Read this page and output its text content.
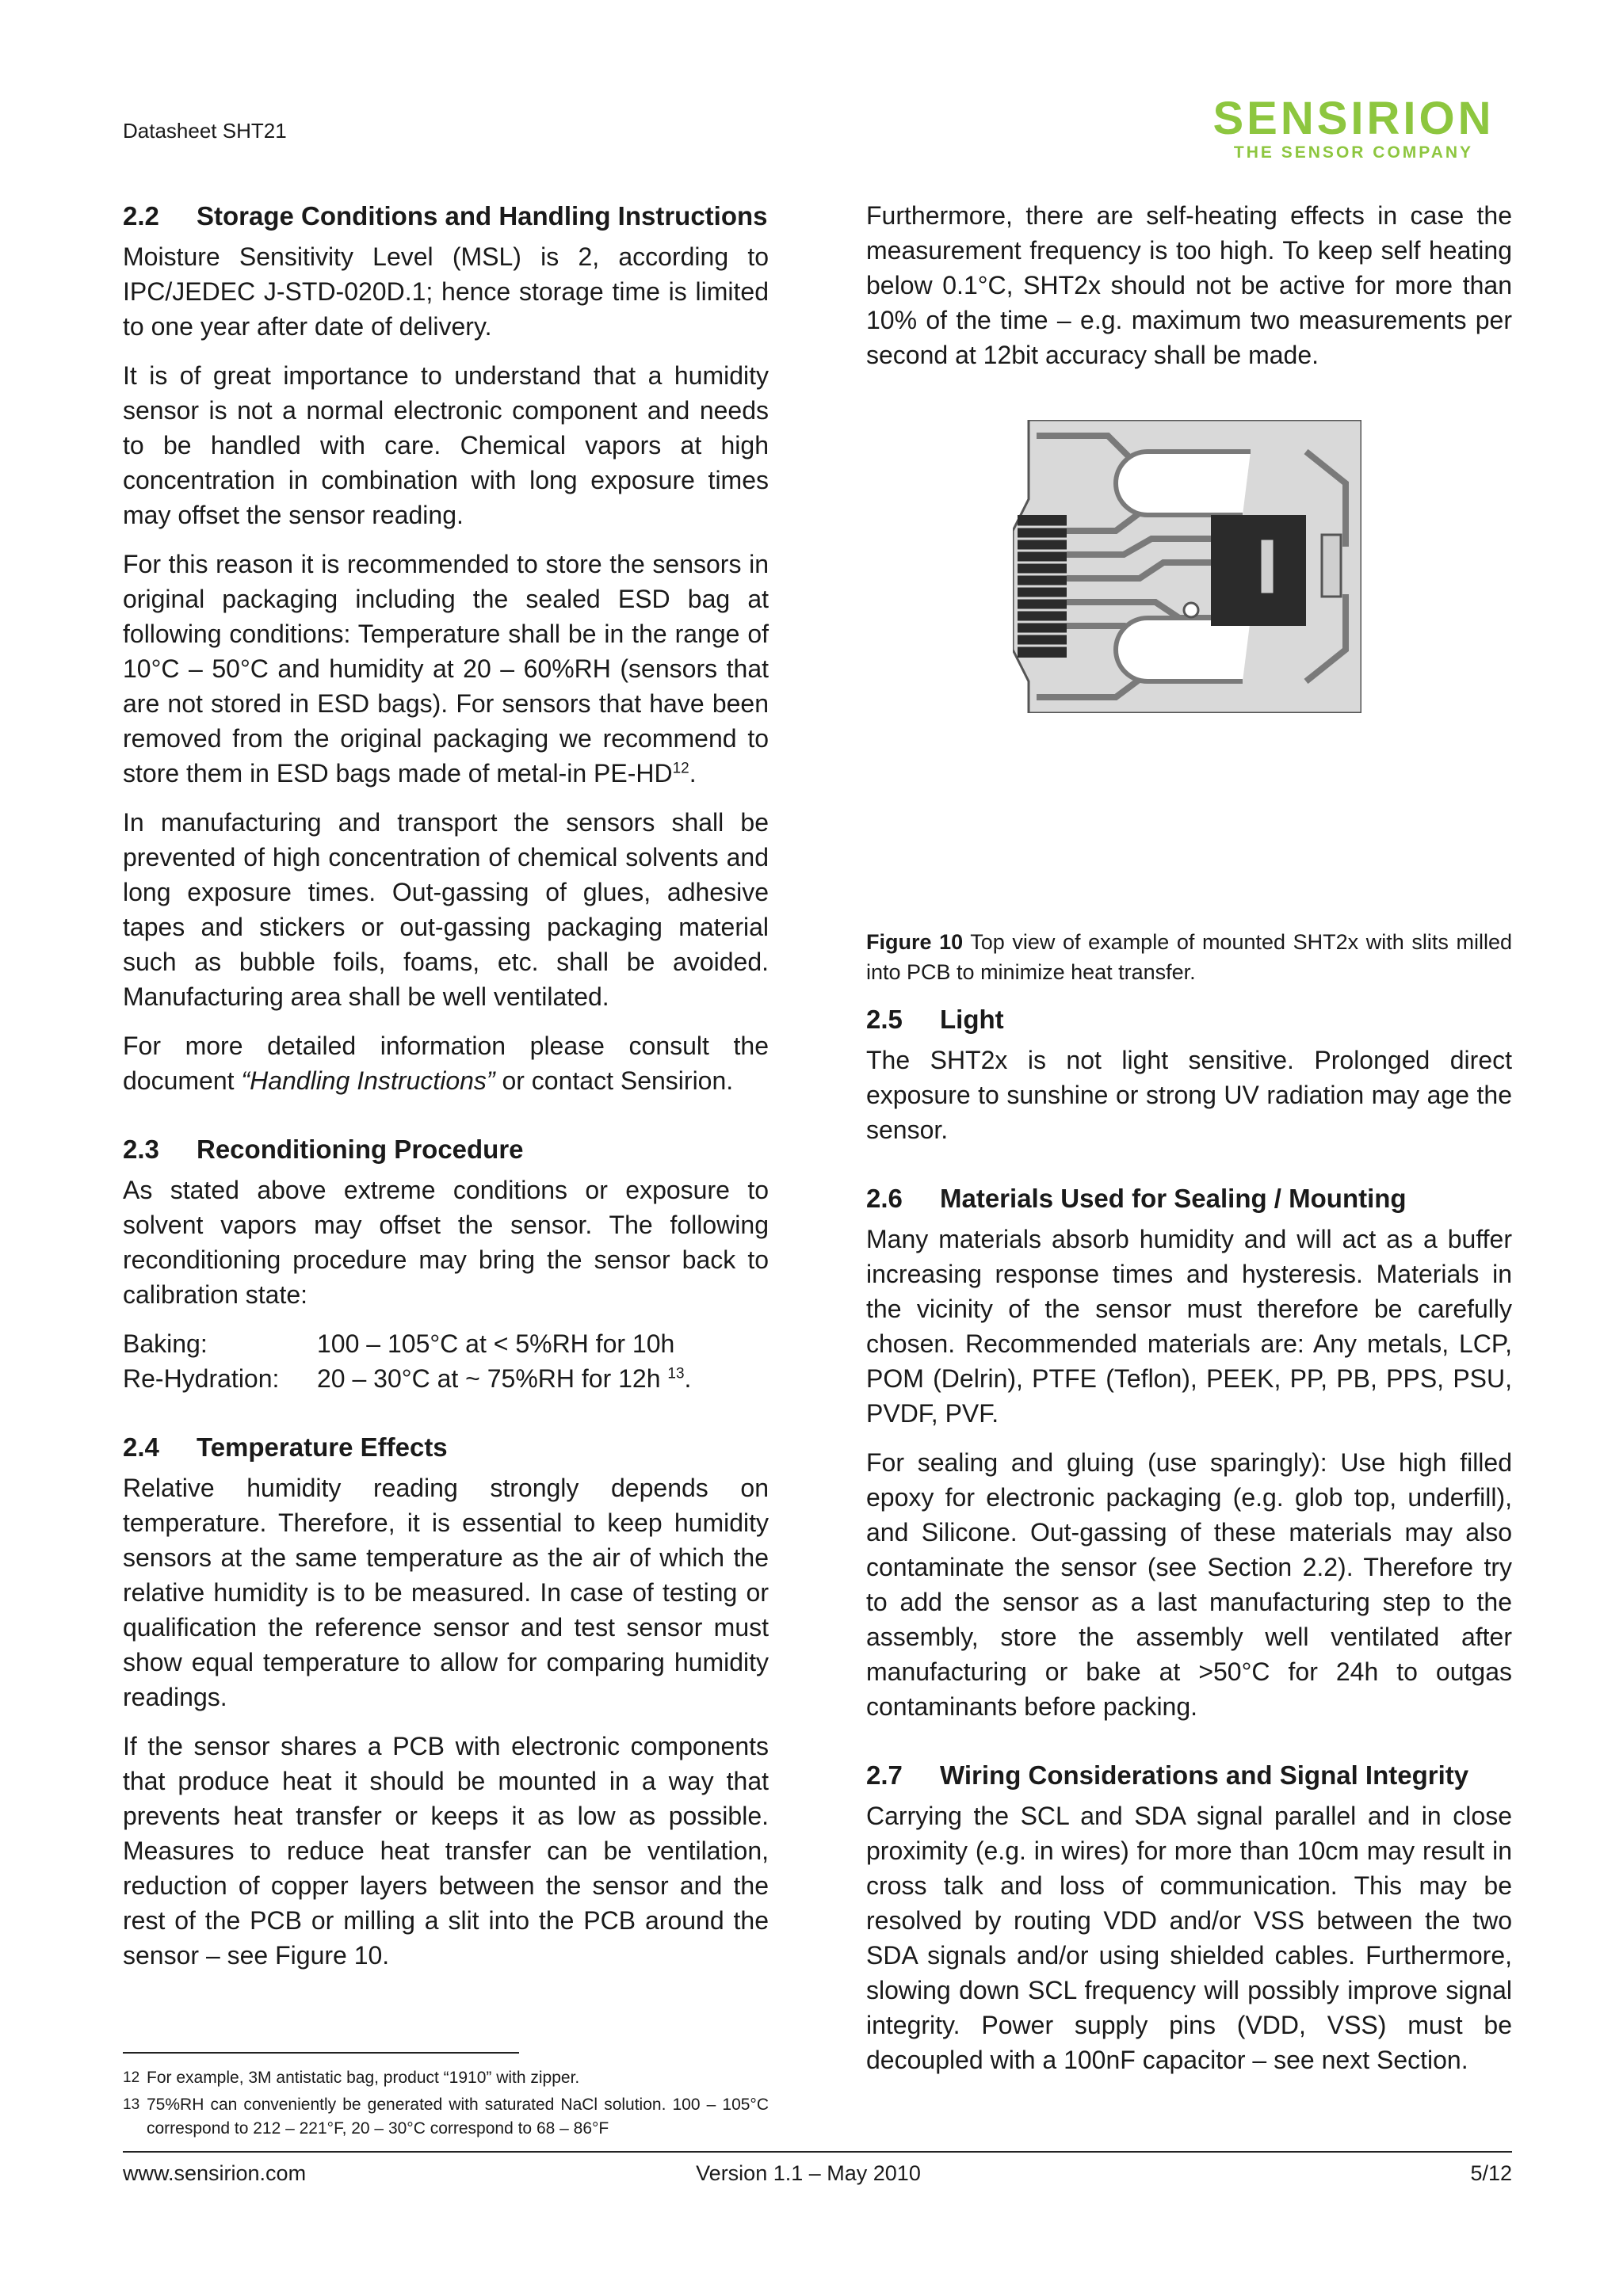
Datasheet SHT21	SENSIRION
THE SENSOR COMPANY
2.2 Storage Conditions and Handling Instructions

Moisture Sensitivity Level (MSL) is 2, according to IPC/JEDEC J-STD-020D.1; hence storage time is limited to one year after date of delivery.

It is of great importance to understand that a humidity sensor is not a normal electronic component and needs to be handled with care. Chemical vapors at high concentration in combination with long exposure times may offset the sensor reading.

For this reason it is recommended to store the sensors in original packaging including the sealed ESD bag at following conditions: Temperature shall be in the range of 10°C – 50°C and humidity at 20 – 60%RH (sensors that are not stored in ESD bags). For sensors that have been removed from the original packaging we recommend to store them in ESD bags made of metal-in PE-HD$^{12}$.

In manufacturing and transport the sensors shall be prevented of high concentration of chemical solvents and long exposure times. Out-gassing of glues, adhesive tapes and stickers or out-gassing packaging material such as bubble foils, foams, etc. shall be avoided. Manufacturing area shall be well ventilated.

For more detailed information please consult the document “Handling Instructions” or contact Sensirion.

2.3 Reconditioning Procedure

As stated above extreme conditions or exposure to solvent vapors may offset the sensor. The following reconditioning procedure may bring the sensor back to calibration state:

Baking:	100 – 105°C at < 5%RH for 10h
Re-Hydration:	20 – 30°C at ~ 75%RH for 12h $^{13}$.
2.4 Temperature Effects

Relative humidity reading strongly depends on temperature. Therefore, it is essential to keep humidity sensors at the same temperature as the air of which the relative humidity is to be measured. In case of testing or qualification the reference sensor and test sensor must show equal temperature to allow for comparing humidity readings.

If the sensor shares a PCB with electronic components that produce heat it should be mounted in a way that prevents heat transfer or keeps it as low as possible. Measures to reduce heat transfer can be ventilation, reduction of copper layers between the sensor and the rest of the PCB or milling a slit into the PCB around the sensor – see Figure 10.

Furthermore, there are self-heating effects in case the measurement frequency is too high. To keep self heating below 0.1°C, SHT2x should not be active for more than 10% of the time – e.g. maximum two measurements per second at 12bit accuracy shall be made.

Figure 10 Top view of example of mounted SHT2x with slits milled into PCB to minimize heat transfer.

2.5 Light

The SHT2x is not light sensitive. Prolonged direct exposure to sunshine or strong UV radiation may age the sensor.

2.6 Materials Used for Sealing / Mounting

Many materials absorb humidity and will act as a buffer increasing response times and hysteresis. Materials in the vicinity of the sensor must therefore be carefully chosen. Recommended materials are: Any metals, LCP, POM (Delrin), PTFE (Teflon), PEEK, PP, PB, PPS, PSU, PVDF, PVF.

For sealing and gluing (use sparingly): Use high filled epoxy for electronic packaging (e.g. glob top, underfill), and Silicone. Out-gassing of these materials may also contaminate the sensor (see Section 2.2). Therefore try to add the sensor as a last manufacturing step to the assembly, store the assembly well ventilated after manufacturing or bake at >50°C for 24h to outgas contaminants before packing.

2.7 Wiring Considerations and Signal Integrity

Carrying the SCL and SDA signal parallel and in close proximity (e.g. in wires) for more than 10cm may result in cross talk and loss of communication. This may be resolved by routing VDD and/or VSS between the two SDA signals and/or using shielded cables. Furthermore, slowing down SCL frequency will possibly improve signal integrity. Power supply pins (VDD, VSS) must be decoupled with a 100nF capacitor – see next Section.

12 For example, 3M antistatic bag, product “1910” with zipper.
13 75%RH can conveniently be generated with saturated NaCl solution. 100 – 105°C correspond to 212 – 221°F, 20 – 30°C correspond to 68 – 86°F
www.sensirion.com	Version 1.1 – May 2010	5/12
